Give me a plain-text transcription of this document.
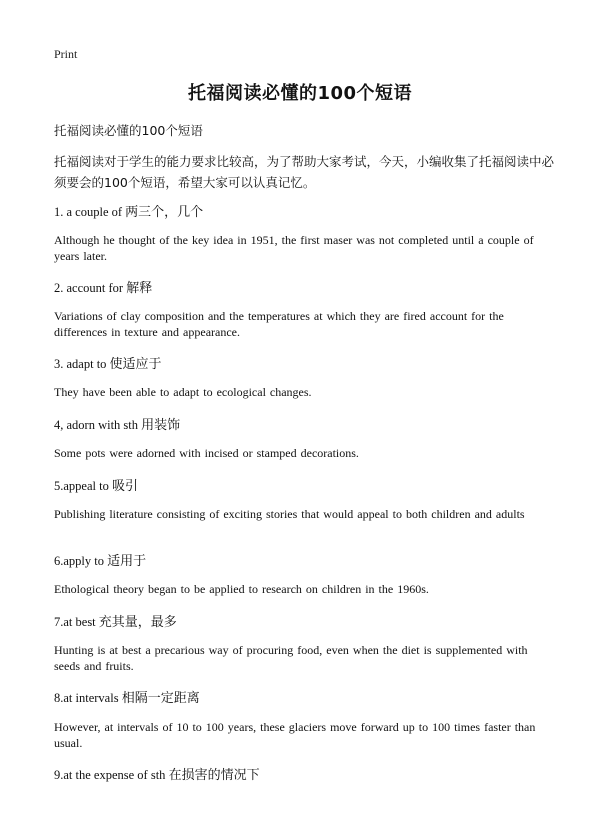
Print
托福阅读必懂的100个短语
托福阅读必懂的100个短语
托福阅读对于学生的能力要求比较高，为了帮助大家考试，今天，小编收集了托福阅读中必须要会的100个短语，希望大家可以认真记忆。
1. a couple of 两三个，几个
Although he thought of the key idea in 1951, the first maser was not completed until a couple of years later.
2. account for 解释
Variations of clay composition and the temperatures at which they are fired account for the differences in texture and appearance.
3. adapt to 使适应于
They have been able to adapt to ecological changes.
4, adorn with sth 用装饰
Some pots were adorned with incised or stamped decorations.
5.appeal to 吸引
Publishing literature consisting of exciting stories that would appeal to both children and adults
6.apply to 适用于
Ethological theory began to be applied to research on children in the 1960s.
7.at best 充其量，最多
Hunting is at best a precarious way of procuring food, even when the diet is supplemented with seeds and fruits.
8.at intervals 相隔一定距离
However, at intervals of 10 to 100 years, these glaciers move forward up to 100 times faster than usual.
9.at the expense of sth 在损害的情况下
